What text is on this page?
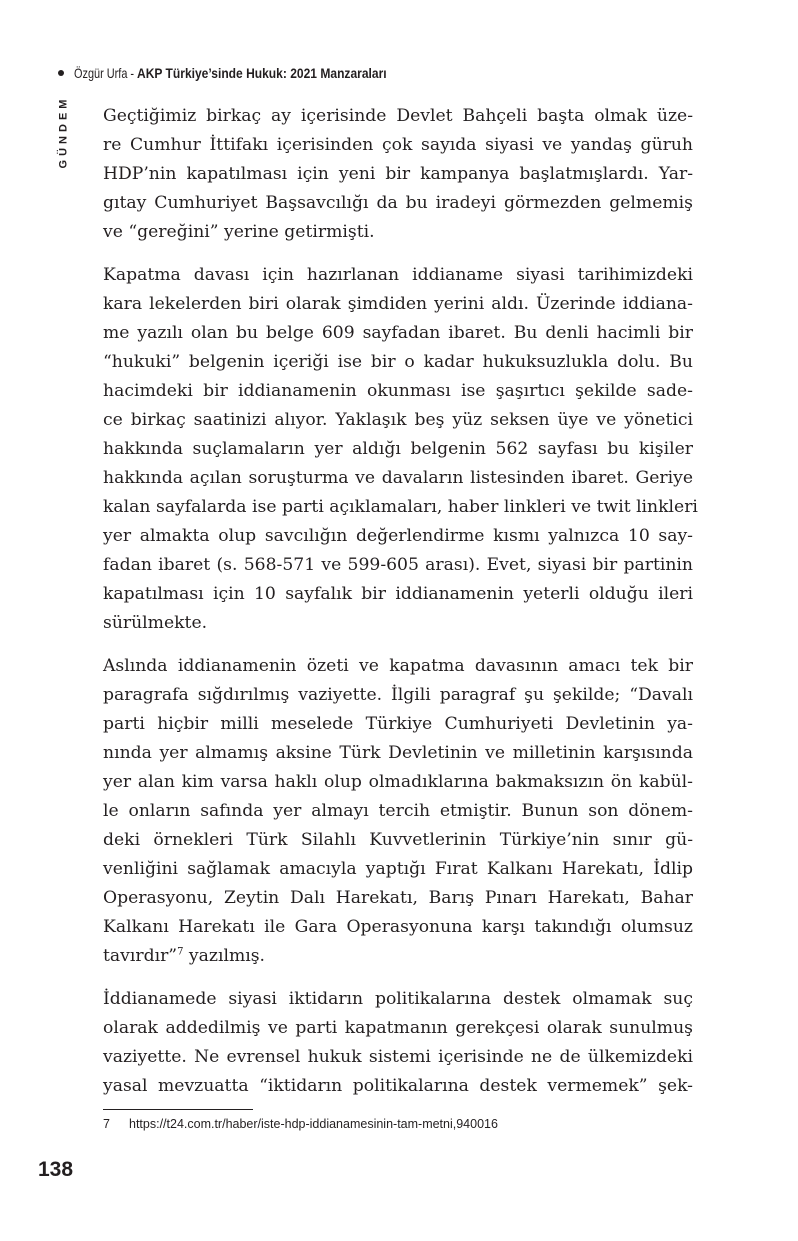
Özgür Urfa - AKP Türkiye’sinde Hukuk: 2021 Manzaraları
GÜNDEM Geçtiğimiz birkaç ay içerisinde Devlet Bahçeli başta olmak üze-
re Cumhur İttifakı içerisinden çok sayıda siyasi ve yandaş güruh
HDP’nin kapatılması için yeni bir kampanya başlatmışlardı. Yar-
gıtay Cumhuriyet Başsavcılığı da bu iradeyi görmezden gelmemiş
ve “gereğini” yerine getirmişti.
Kapatma davası için hazırlanan iddianame siyasi tarihimizdeki
kara lekelerden biri olarak şimdiden yerini aldı. Üzerinde iddiana-
me yazılı olan bu belge 609 sayfadan ibaret. Bu denli hacimli bir
“hukuki” belgenin içeriği ise bir o kadar hukuksuzlukla dolu. Bu
hacimdeki bir iddianamenin okunması ise şaşırtıcı şekilde sade-
ce birkaç saatinizi alıyor. Yaklaşık beş yüz seksen üye ve yönetici
hakkında suçlamaların yer aldığı belgenin 562 sayfası bu kişiler
hakkında açılan soruşturma ve davaların listesinden ibaret. Geriye
kalan sayfalarda ise parti açıklamaları, haber linkleri ve twit linkleri
yer almakta olup savcılığın değerlendirme kısmı yalnızca 10 say-
fadan ibaret (s. 568-571 ve 599-605 arası). Evet, siyasi bir partinin
kapatılması için 10 sayfalık bir iddianamenin yeterli olduğu ileri
sürülmekte.
Aslında iddianamenin özeti ve kapatma davasının amacı tek bir
paragrafa sığdırılmış vaziyette. İlgili paragraf şu şekilde; “Davalı
parti hiçbir milli meselede Türkiye Cumhuriyeti Devletinin ya-
nında yer almamış aksine Türk Devletinin ve milletinin karşısında
yer alan kim varsa haklı olup olmadıklarına bakmaksızın ön kabül-
le onların safında yer almayı tercih etmiştir. Bunun son dönem-
deki örnekleri Türk Silahlı Kuvvetlerinin Türkiye’nin sınır gü-
venliğini sağlamak amacıyla yaptığı Fırat Kalkanı Harekatı, İdlip
Operasyonu, Zeytin Dalı Harekatı, Barış Pınarı Harekatı, Bahar
Kalkanı Harekatı ile Gara Operasyonuna karşı takındığı olumsuz
tavırdır”$^7$ yazılmış.
İddianamede siyasi iktidarın politikalarına destek olmamak suç
olarak addedilmiş ve parti kapatmanın gerekçesi olarak sunulmuş
vaziyette. Ne evrensel hukuk sistemi içerisinde ne de ülkemizdeki
yasal mevzuatta “iktidarın politikalarına destek vermemek” şek-
7 https://t24.com.tr/haber/iste-hdp-iddianamesinin-tam-metni,940016
138
